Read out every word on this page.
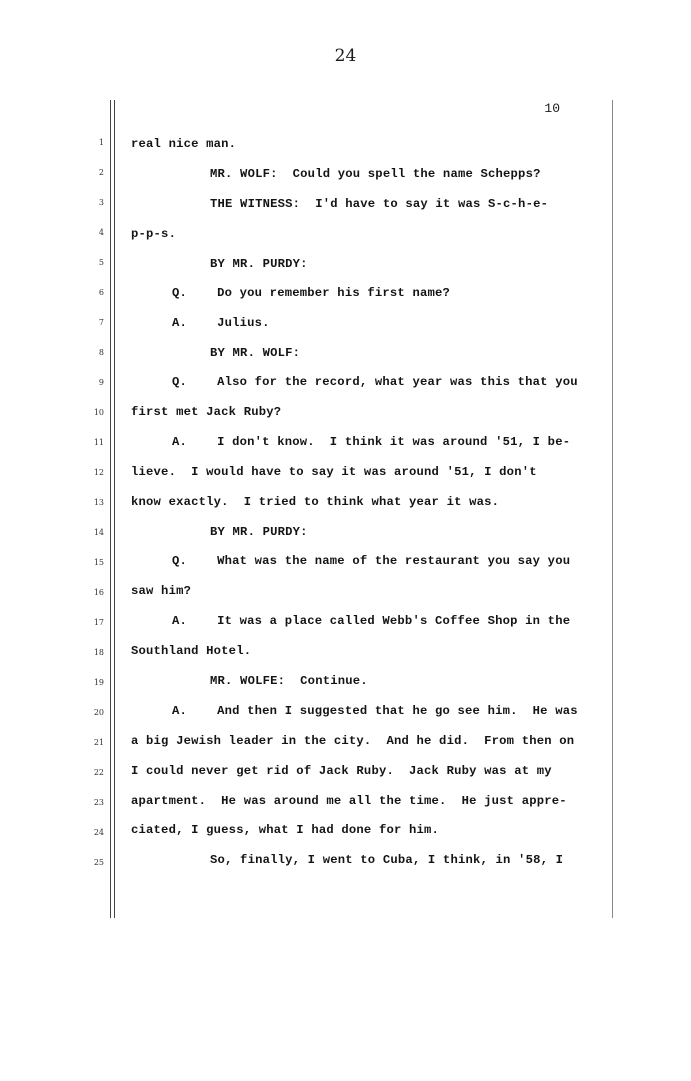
24
10
1
2
3
4
5
6
7
8
9
10
11
12
13
14
15
16
17
18
19
20
21
22
23
24
25
real nice man.
MR. WOLF:  Could you spell the name Schepps?
THE WITNESS:  I'd have to say it was S-c-h-e-
p-p-s.
BY MR. PURDY:
Q.    Do you remember his first name?
A.    Julius.
BY MR. WOLF:
Q.    Also for the record, what year was this that you
first met Jack Ruby?
A.    I don't know.  I think it was around '51, I be-
lieve.  I would have to say it was around '51, I don't
know exactly.  I tried to think what year it was.
BY MR. PURDY:
Q.    What was the name of the restaurant you say you
saw him?
A.    It was a place called Webb's Coffee Shop in the
Southland Hotel.
MR. WOLFE:  Continue.
A.    And then I suggested that he go see him.  He was
a big Jewish leader in the city.  And he did.  From then on
I could never get rid of Jack Ruby.  Jack Ruby was at my
apartment.  He was around me all the time.  He just appre-
ciated, I guess, what I had done for him.
So, finally, I went to Cuba, I think, in '58, I
